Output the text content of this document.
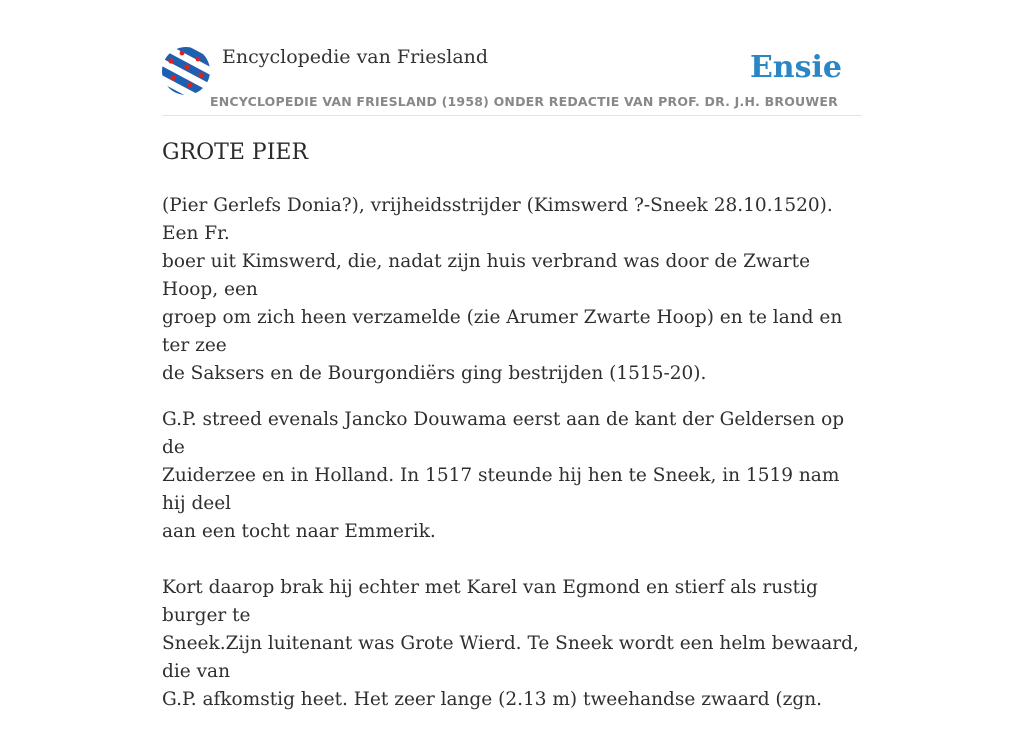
Encyclopedie van Friesland	Ensie
ENCYCLOPEDIE VAN FRIESLAND (1958) ONDER REDACTIE VAN PROF. DR. J.H. BROUWER
GROTE PIER

(Pier Gerlefs Donia?), vrijheidsstrijder (Kimswerd ?-Sneek 28.10.1520). Een Fr.
boer uit Kimswerd, die, nadat zijn huis verbrand was door de Zwarte Hoop, een
groep om zich heen verzamelde (zie Arumer Zwarte Hoop) en te land en ter zee
de Saksers en de Bourgondiërs ging bestrijden (1515-20).

G.P. streed evenals Jancko Douwama eerst aan de kant der Geldersen op de
Zuiderzee en in Holland. In 1517 steunde hij hen te Sneek, in 1519 nam hij deel
aan een tocht naar Emmerik.

Kort daarop brak hij echter met Karel van Egmond en stierf als rustig burger te
Sneek.Zijn luitenant was Grote Wierd. Te Sneek wordt een helm bewaard, die van
G.P. afkomstig heet. Het zeer lange (2.13 m) tweehandse zwaard (zgn.
